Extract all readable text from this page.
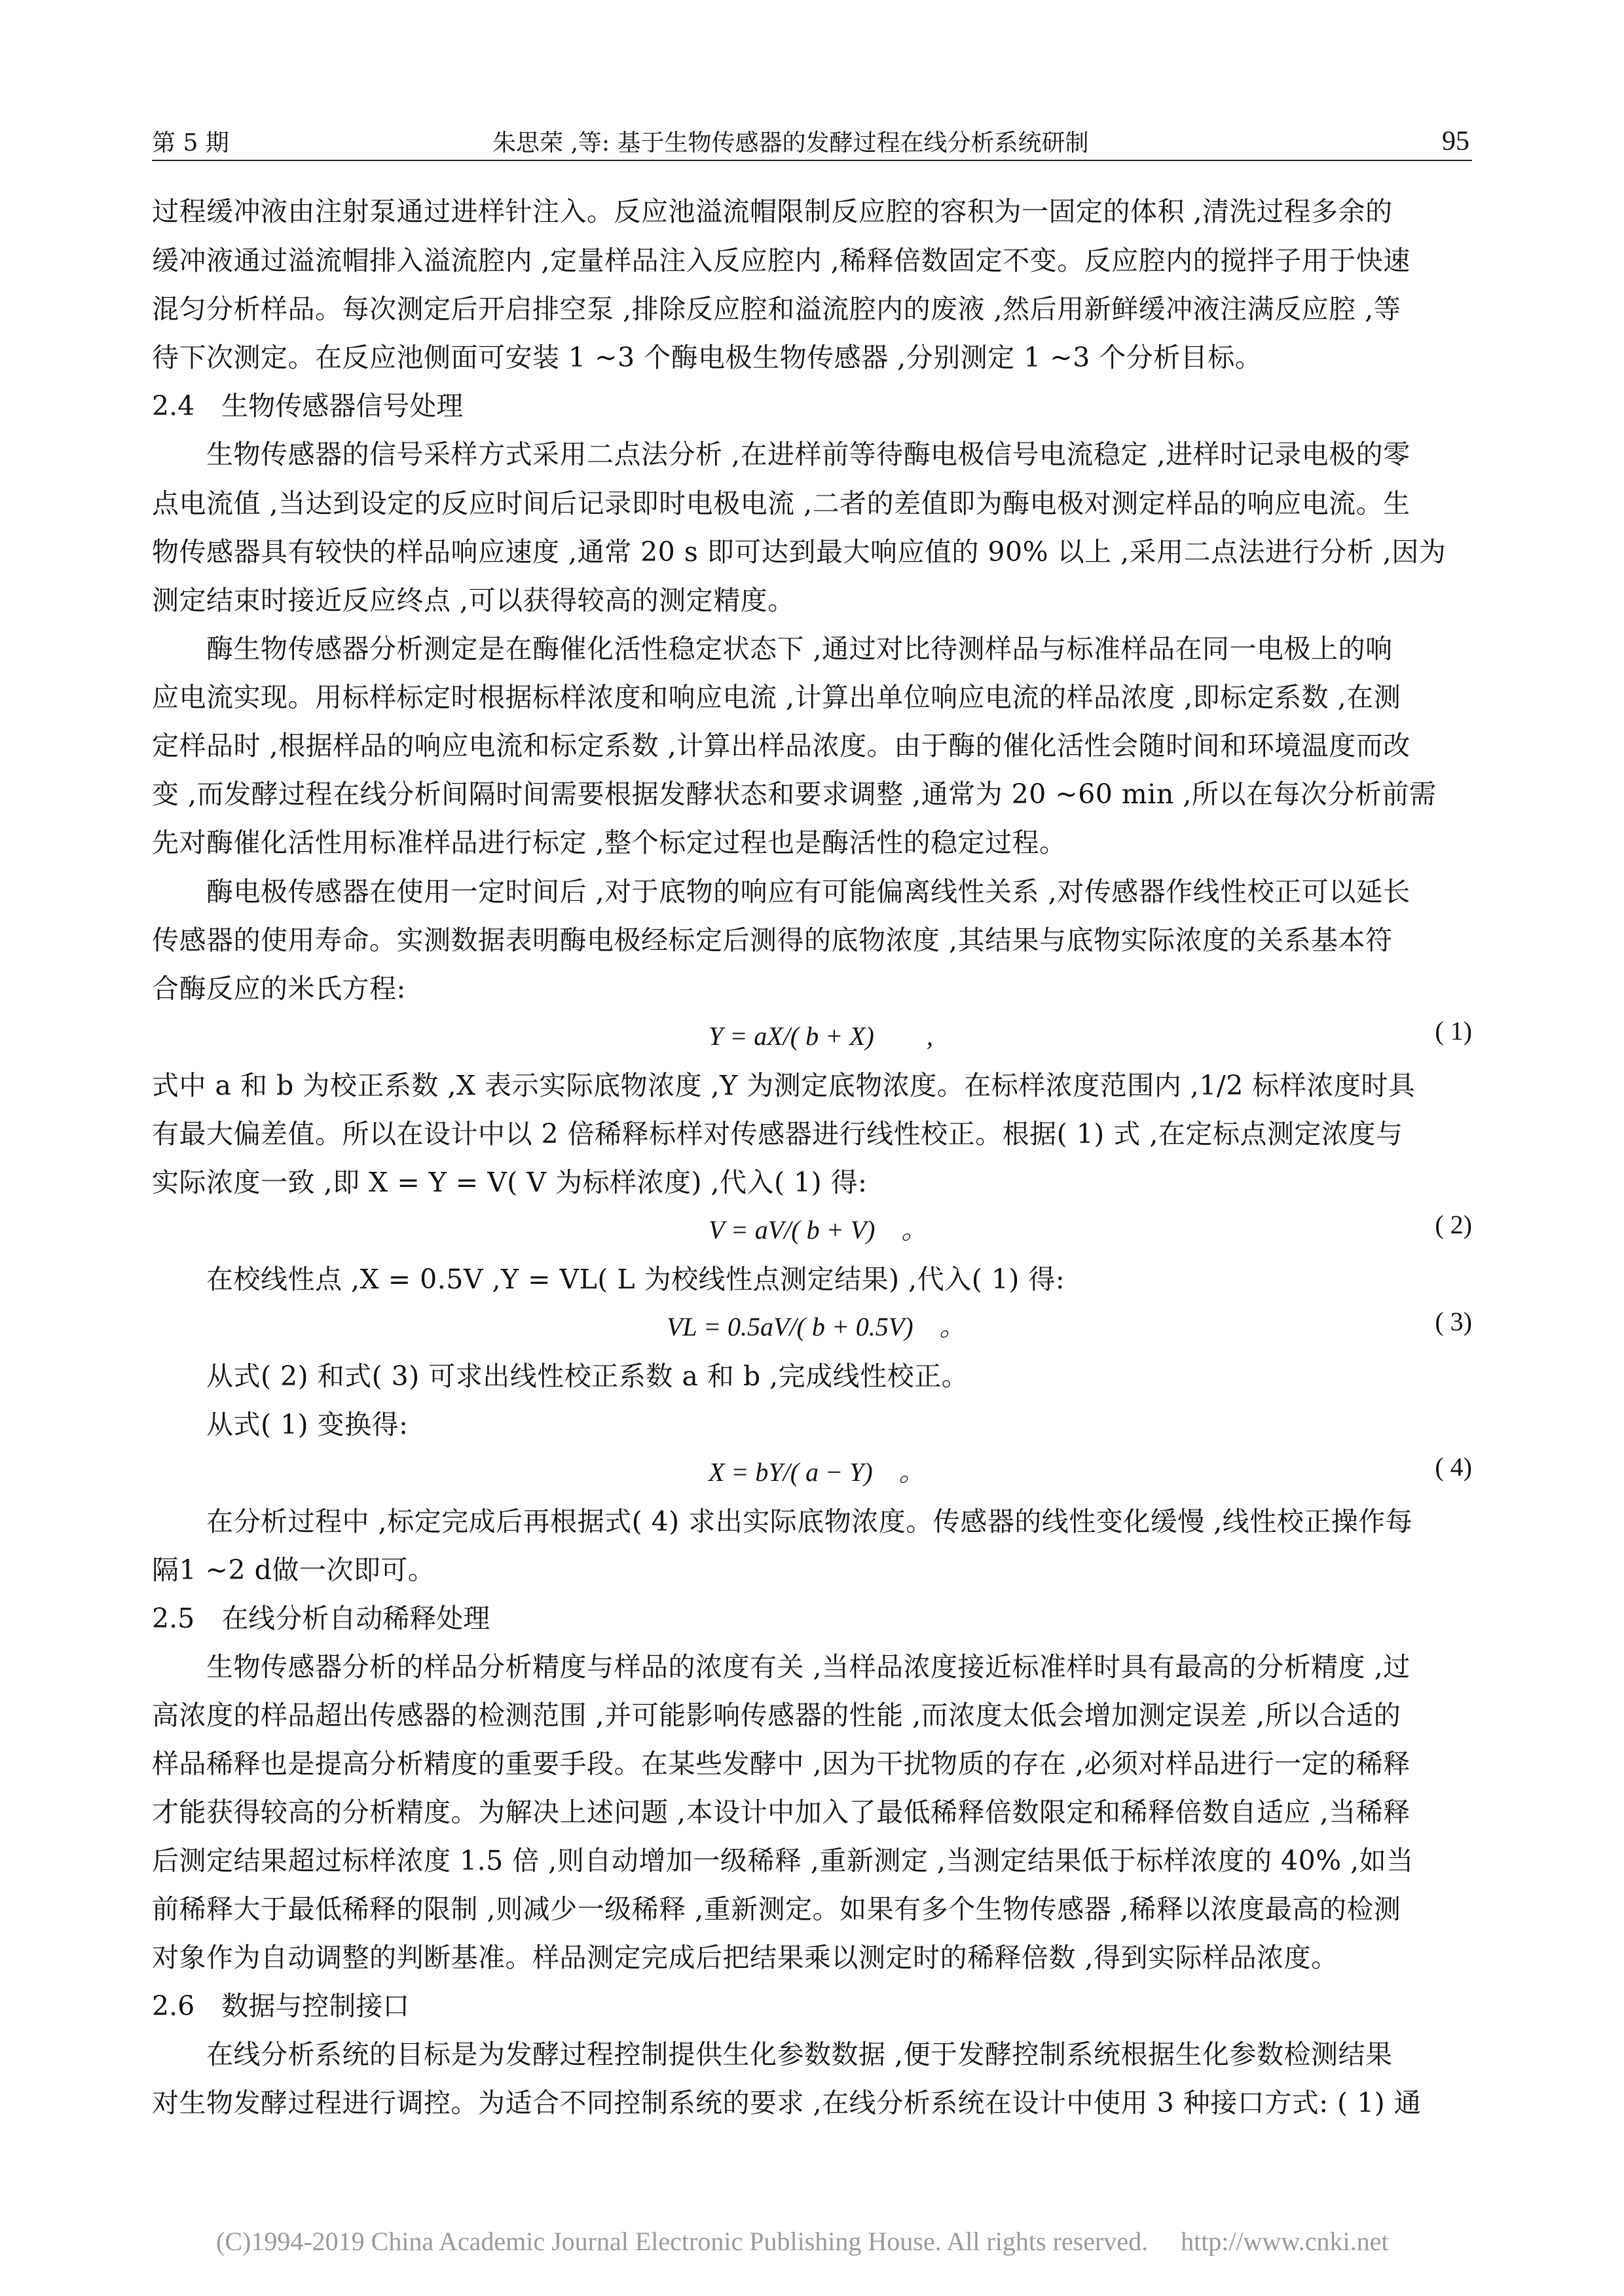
第 5 期	朱思荣 ,等: 基于生物传感器的发酵过程在线分析系统研制	95
过程缓冲液由注射泵通过进样针注入。反应池溢流帽限制反应腔的容积为一固定的体积 ,清洗过程多余的
缓冲液通过溢流帽排入溢流腔内 ,定量样品注入反应腔内 ,稀释倍数固定不变。反应腔内的搅拌子用于快速
混匀分析样品。每次测定后开启排空泵 ,排除反应腔和溢流腔内的废液 ,然后用新鲜缓冲液注满反应腔 ,等
待下次测定。在反应池侧面可安装 1 ~3 个酶电极生物传感器 ,分别测定 1 ~3 个分析目标。
2.4　生物传感器信号处理
　　生物传感器的信号采样方式采用二点法分析 ,在进样前等待酶电极信号电流稳定 ,进样时记录电极的零
点电流值 ,当达到设定的反应时间后记录即时电极电流 ,二者的差值即为酶电极对测定样品的响应电流。生
物传感器具有较快的样品响应速度 ,通常 20 s 即可达到最大响应值的 90% 以上 ,采用二点法进行分析 ,因为
测定结束时接近反应终点 ,可以获得较高的测定精度。
　　酶生物传感器分析测定是在酶催化活性稳定状态下 ,通过对比待测样品与标准样品在同一电极上的响
应电流实现。用标样标定时根据标样浓度和响应电流 ,计算出单位响应电流的样品浓度 ,即标定系数 ,在测
定样品时 ,根据样品的响应电流和标定系数 ,计算出样品浓度。由于酶的催化活性会随时间和环境温度而改
变 ,而发酵过程在线分析间隔时间需要根据发酵状态和要求调整 ,通常为 20 ~60 min ,所以在每次分析前需
先对酶催化活性用标准样品进行标定 ,整个标定过程也是酶活性的稳定过程。
　　酶电极传感器在使用一定时间后 ,对于底物的响应有可能偏离线性关系 ,对传感器作线性校正可以延长
传感器的使用寿命。实测数据表明酶电极经标定后测得的底物浓度 ,其结果与底物实际浓度的关系基本符
合酶反应的米氏方程:
Y = aX/( b + X)　　,	( 1)
式中 a 和 b 为校正系数 ,X 表示实际底物浓度 ,Y 为测定底物浓度。在标样浓度范围内 ,1/2 标样浓度时具
有最大偏差值。所以在设计中以 2 倍稀释标样对传感器进行线性校正。根据( 1) 式 ,在定标点测定浓度与
实际浓度一致 ,即 X = Y = V( V 为标样浓度) ,代入( 1) 得:
V = aV/( b + V)　。	( 2)
　　在校线性点 ,X = 0.5V ,Y = VL( L 为校线性点测定结果) ,代入( 1) 得:
VL = 0.5aV/( b + 0.5V)　。	( 3)
　　从式( 2) 和式( 3) 可求出线性校正系数 a 和 b ,完成线性校正。
　　从式( 1) 变换得:
X = bY/( a − Y)　。	( 4)
　　在分析过程中 ,标定完成后再根据式( 4) 求出实际底物浓度。传感器的线性变化缓慢 ,线性校正操作每
隔1 ~2 d做一次即可。
2.5　在线分析自动稀释处理
　　生物传感器分析的样品分析精度与样品的浓度有关 ,当样品浓度接近标准样时具有最高的分析精度 ,过
高浓度的样品超出传感器的检测范围 ,并可能影响传感器的性能 ,而浓度太低会增加测定误差 ,所以合适的
样品稀释也是提高分析精度的重要手段。在某些发酵中 ,因为干扰物质的存在 ,必须对样品进行一定的稀释
才能获得较高的分析精度。为解决上述问题 ,本设计中加入了最低稀释倍数限定和稀释倍数自适应 ,当稀释
后测定结果超过标样浓度 1.5 倍 ,则自动增加一级稀释 ,重新测定 ,当测定结果低于标样浓度的 40% ,如当
前稀释大于最低稀释的限制 ,则减少一级稀释 ,重新测定。如果有多个生物传感器 ,稀释以浓度最高的检测
对象作为自动调整的判断基准。样品测定完成后把结果乘以测定时的稀释倍数 ,得到实际样品浓度。
2.6　数据与控制接口
　　在线分析系统的目标是为发酵过程控制提供生化参数数据 ,便于发酵控制系统根据生化参数检测结果
对生物发酵过程进行调控。为适合不同控制系统的要求 ,在线分析系统在设计中使用 3 种接口方式: ( 1) 通
(C)1994-2019 China Academic Journal Electronic Publishing House. All rights reserved. http://www.cnki.net
